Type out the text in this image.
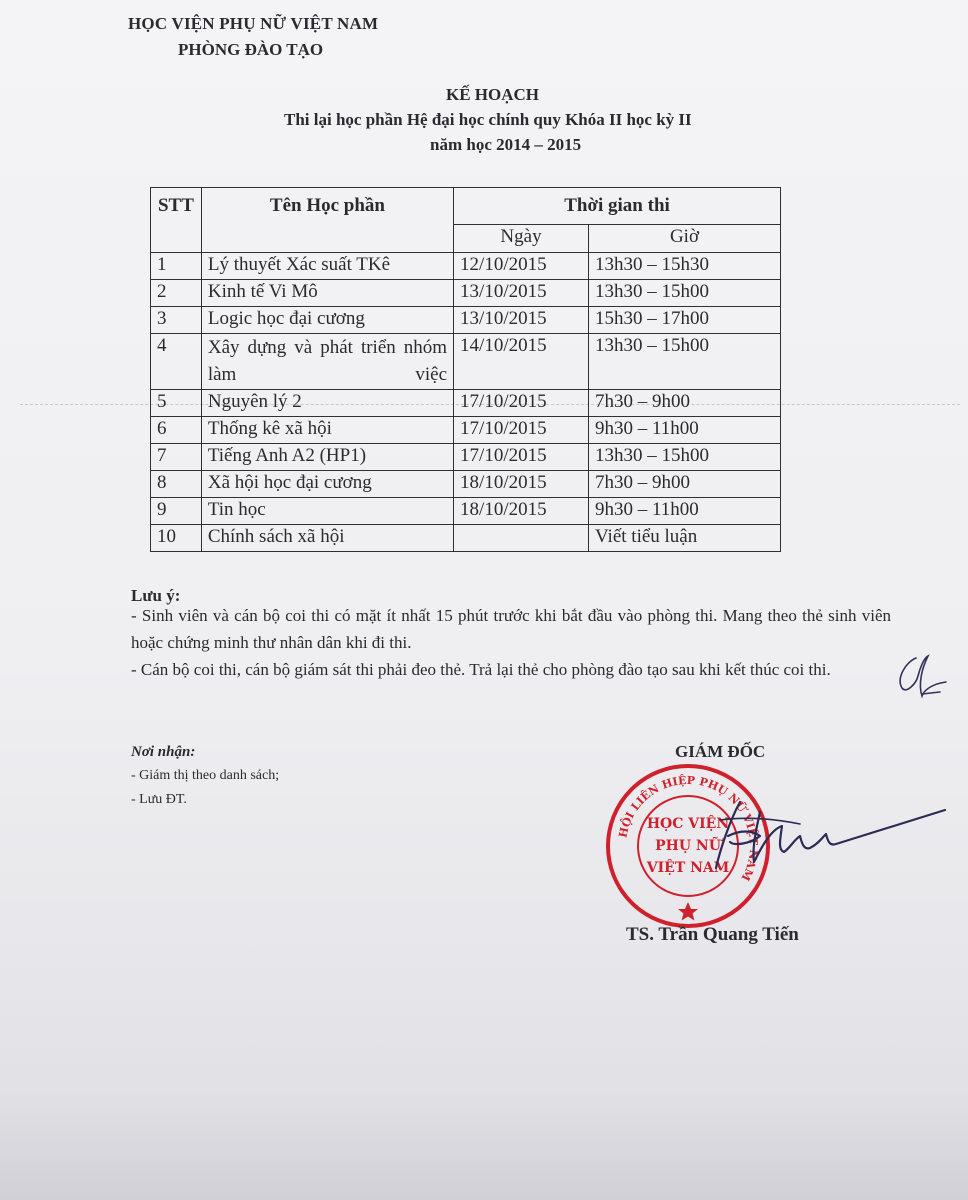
HỌC VIỆN PHỤ NỮ VIỆT NAM
PHÒNG ĐÀO TẠO
KẾ HOẠCH
Thi lại học phần Hệ đại học chính quy Khóa II học kỳ II
năm học 2014 – 2015
STT	Tên Học phần	Thời gian thi	
		Ngày	Giờ
1	Lý thuyết Xác suất TKê	12/10/2015	13h30 – 15h30
2	Kinh tế Vi Mô	13/10/2015	13h30 – 15h00
3	Logic học đại cương	13/10/2015	15h30 – 17h00
4	Xây dựng và phát triển nhóm làm việc	14/10/2015	13h30 – 15h00
5	Nguyên lý 2	17/10/2015	7h30 – 9h00
6	Thống kê xã hội	17/10/2015	9h30 – 11h00
7	Tiếng Anh A2 (HP1)	17/10/2015	13h30 – 15h00
8	Xã hội học đại cương	18/10/2015	7h30 – 9h00
9	Tin học	18/10/2015	9h30 – 11h00
10	Chính sách xã hội		Viết tiểu luận
Lưu ý:
- Sinh viên và cán bộ coi thi có mặt ít nhất 15 phút trước khi bắt đầu vào phòng thi. Mang theo thẻ sinh viên hoặc chứng minh thư nhân dân khi đi thi.
- Cán bộ coi thi, cán bộ giám sát thi phải đeo thẻ. Trả lại thẻ cho phòng đào tạo sau khi kết thúc coi thi.
Nơi nhận:
- Giám thị theo danh sách;
- Lưu ĐT.
GIÁM ĐỐC
HỘI LIÊN HIỆP PHỤ NỮ VIỆT NAM
HỌC VIỆN
PHỤ NỮ
VIỆT NAM
TS. Trần Quang Tiến
